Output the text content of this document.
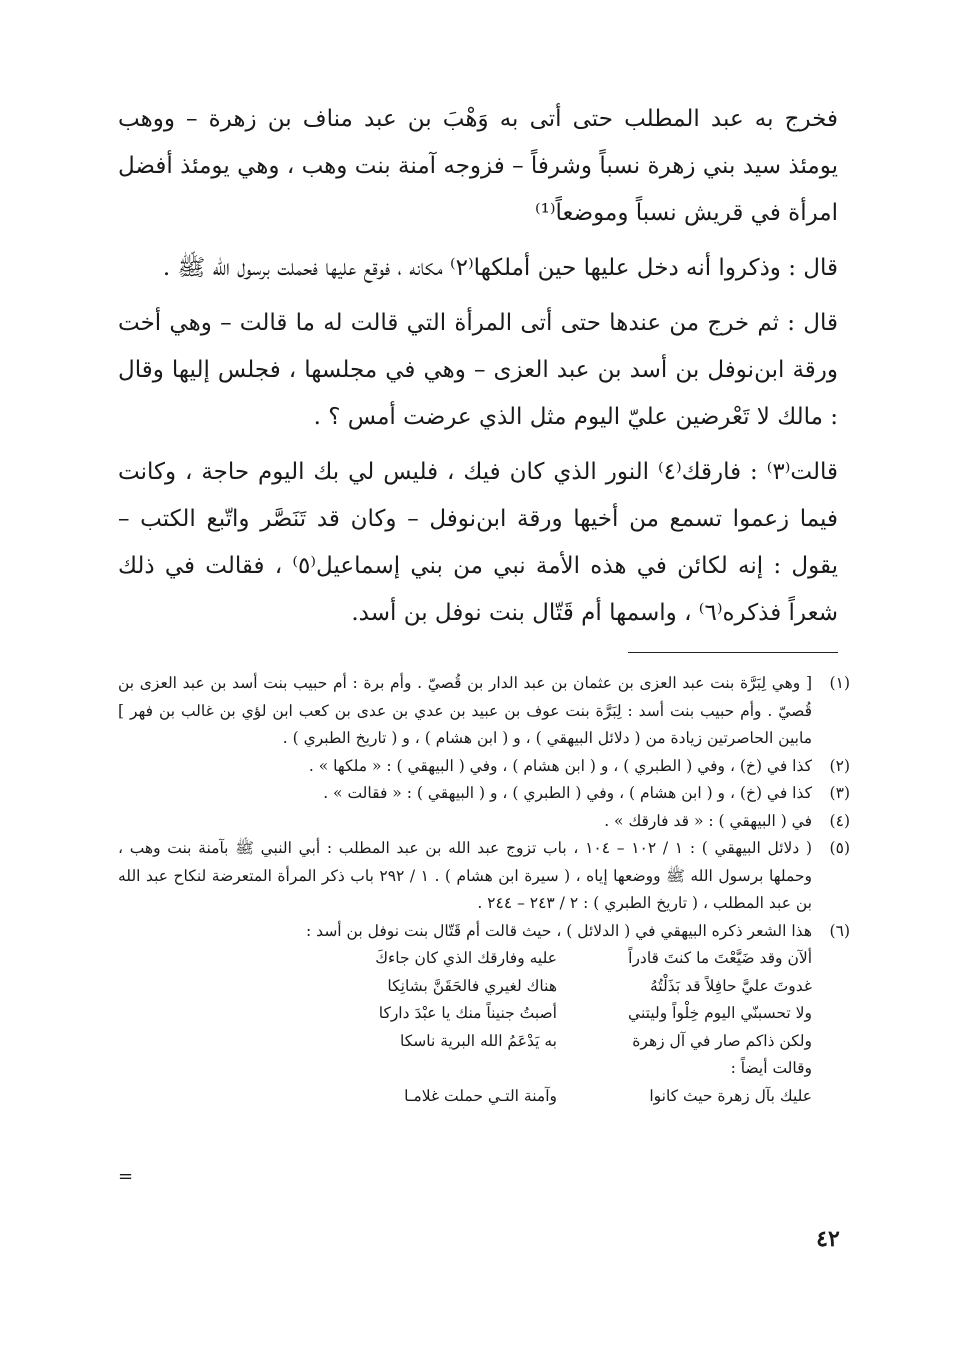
فخرج به عبد المطلب حتى أتى به وَهْبَ بن عبد مناف بن زهرة – ووهب يومئذ سيد بني زهرة نسباً وشرفاً – فزوجه آمنة بنت وهب ، وهي يومئذ أفضل امرأة في قريش نسباً وموضعاً⁽¹⁾

قال : وذكروا أنه دخل عليها حين أملكها⁽٢⁾ مكانه ، فوقع عليها فحملت برسول الله ﷺ .

قال : ثم خرج من عندها حتى أتى المرأة التي قالت له ما قالت – وهي أخت ورقة ابن‌نوفل بن أسد بن عبد العزى – وهي في مجلسها ، فجلس إليها وقال : مالك لا تَعْرضين عليّ اليوم مثل الذي عرضت أمس ؟ .

قالت⁽٣⁾ : فارقك⁽٤⁾ النور الذي كان فيك ، فليس لي بك اليوم حاجة ، وكانت فيما زعموا تسمع من أخيها ورقة ابن‌نوفل – وكان قد تَنَصَّر واتّبع الكتب – يقول : إنه لكائن في هذه الأمة نبي من بني إسماعيل⁽٥⁾ ، فقالت في ذلك شعراً فذكره⁽٦⁾ ، واسمها أم قَتّال بنت نوفل بن أسد.

(١)
[ وهي لِبَرَّة بنت عبد العزى بن عثمان بن عبد الدار بن قُصيّ . وأم برة : أم حبيب بنت أسد بن عبد العزى بن قُصيّ . وأم حبيب بنت أسد : لِبَرَّة بنت عوف بن عبيد بن عدي بن عدى بن كعب ابن لؤي بن غالب بن فهر ] مابين الحاصرتين زيادة من ( دلائل البيهقي ) ، و ( ابن هشام ) ، و ( تاريخ الطبري ) .
(٢)
كذا في (خ) ، وفي ( الطبري ) ، و ( ابن هشام ) ، وفي ( البيهقي ) : « ملكها » .
(٣)
كذا في (خ) ، و ( ابن هشام ) ، وفي ( الطبري ) ، و ( البيهقي ) : « فقالت » .
(٤)
في ( البيهقي ) : « قد فارقك » .
(٥)
( دلائل البيهقي ) : ١ / ١٠٢ – ١٠٤ ، باب تزوج عبد الله بن عبد المطلب : أبي النبي ﷺ بآمنة بنت وهب ، وحملها برسول الله ﷺ ووضعها إياه ، ( سيرة ابن هشام ) . ١ / ٢٩٢ باب ذكر المرأة المتعرضة لنكاح عبد الله بن عبد المطلب ، ( تاريخ الطبري ) : ٢ / ٢٤٣ – ٢٤٤ .
(٦)
هذا الشعر ذكره البيهقي في ( الدلائل ) ، حيث قالت أم قَتّال بنت نوفل بن أسد :
ألآن وقد ضَيَّعْتَ ما كنتَ قادراً
عليه وفارقك الذي كان جاءكَ
غدوتَ عليَّ حافِلاً قد بَذَلْتُهُ
هناك لغيري فالحَقَنَّ بشانِكا
ولا تحسبنّي اليوم خِلْواً وليتني
أصبتُ جنيناً منك يا عبْدَ داركا
ولكن ذاكم صار في آل زهرة
به يَدْعَمُ الله البرية ناسكا
وقالت أيضاً :
عليك بآل زهرة حيث كانوا
وآمنة التـي حملت غلامـا
=
٤٢
